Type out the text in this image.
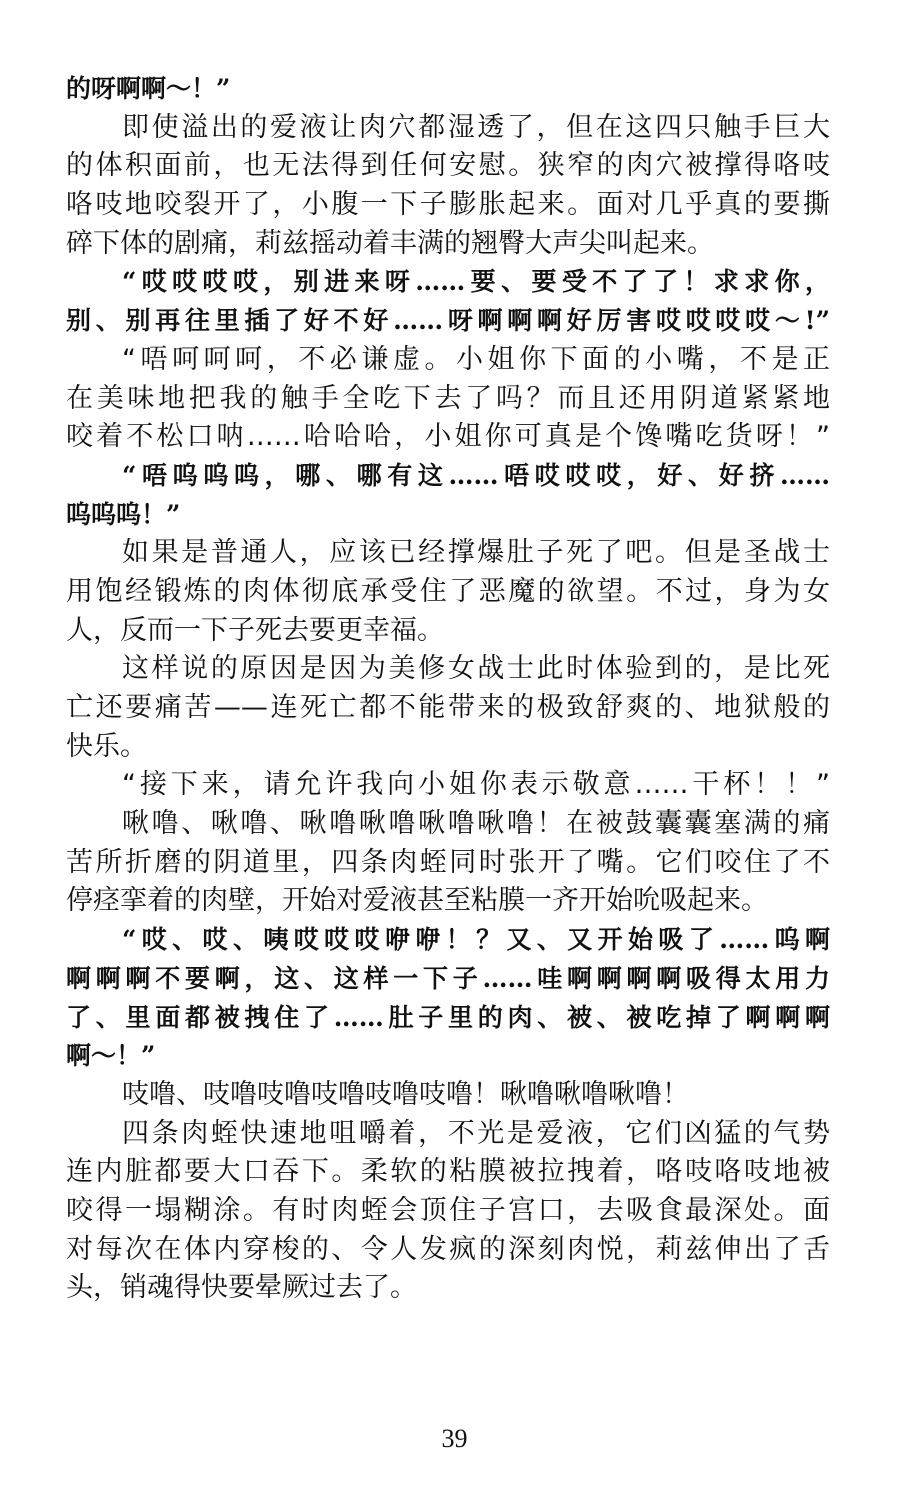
的呀啊啊～！”
即使溢出的爱液让肉穴都湿透了，但在这四只触手巨大
的体积面前，也无法得到任何安慰。狭窄的肉穴被撑得咯吱
咯吱地咬裂开了，小腹一下子膨胀起来。面对几乎真的要撕
碎下体的剧痛，莉兹摇动着丰满的翘臀大声尖叫起来。
“哎哎哎哎，别进来呀……要、要受不了了！求求你，
别、别再往里插了好不好……呀啊啊啊好厉害哎哎哎哎～!”
“唔呵呵呵，不必谦虚。小姐你下面的小嘴，不是正
在美味地把我的触手全吃下去了吗？而且还用阴道紧紧地
咬着不松口呐……哈哈哈，小姐你可真是个馋嘴吃货呀！”
“唔呜呜呜，哪、哪有这……唔哎哎哎，好、好挤……
呜呜呜！”
如果是普通人，应该已经撑爆肚子死了吧。但是圣战士
用饱经锻炼的肉体彻底承受住了恶魔的欲望。不过，身为女
人，反而一下子死去要更幸福。
这样说的原因是因为美修女战士此时体验到的，是比死
亡还要痛苦——连死亡都不能带来的极致舒爽的、地狱般的
快乐。
“接下来，请允许我向小姐你表示敬意……干杯！！”
啾噜、啾噜、啾噜啾噜啾噜啾噜！在被鼓囊囊塞满的痛
苦所折磨的阴道里，四条肉蛭同时张开了嘴。它们咬住了不
停痉挛着的肉壁，开始对爱液甚至粘膜一齐开始吮吸起来。
“哎、哎、咦哎哎哎咿咿！？又、又开始吸了……呜啊
啊啊啊不要啊，这、这样一下子……哇啊啊啊啊吸得太用力
了、里面都被拽住了……肚子里的肉、被、被吃掉了啊啊啊
啊～！”
吱噜、吱噜吱噜吱噜吱噜吱噜！啾噜啾噜啾噜！
四条肉蛭快速地咀嚼着，不光是爱液，它们凶猛的气势
连内脏都要大口吞下。柔软的粘膜被拉拽着，咯吱咯吱地被
咬得一塌糊涂。有时肉蛭会顶住子宫口，去吸食最深处。面
对每次在体内穿梭的、令人发疯的深刻肉悦，莉兹伸出了舌
头，销魂得快要晕厥过去了。
39
